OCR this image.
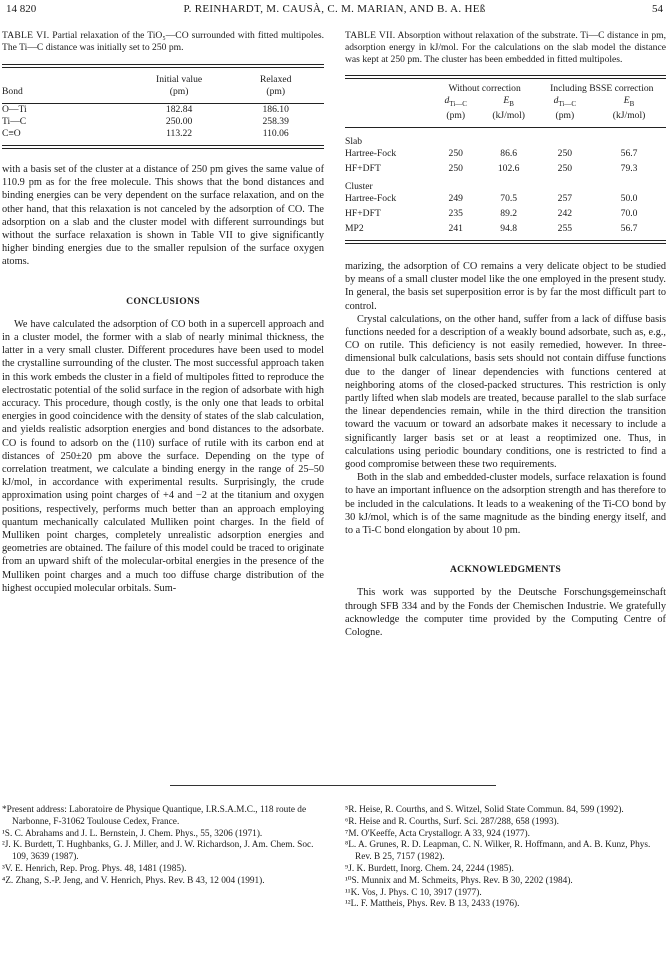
14 820	P. REINHARDT, M. CAUSÀ, C. M. MARIAN, AND B. A. HEß	54
TABLE VI. Partial relaxation of the TiO₅—CO surrounded with fitted multipoles. The Ti—C distance was initially set to 250 pm.
	Initial value	Relaxed
Bond	(pm)	(pm)

O—Ti	182.84	186.10
Ti—C	250.00	258.39
C≡O	113.22	110.06

with a basis set of the cluster at a distance of 250 pm gives the same value of 110.9 pm as for the free molecule. This shows that the bond distances and binding energies can be very dependent on the surface relaxation, and on the other hand, that this relaxation is not canceled by the adsorption of CO. The adsorption on a slab and the cluster model with different surroundings but without the surface relaxation is shown in Table VII to give significantly higher binding energies due to the smaller repulsion of the surface oxygen atoms.

CONCLUSIONS

We have calculated the adsorption of CO both in a supercell approach and in a cluster model, the former with a slab of nearly minimal thickness, the latter in a very small cluster. Different procedures have been used to model the crystalline surrounding of the cluster. The most successful approach taken in this work embeds the cluster in a field of multipoles fitted to reproduce the electrostatic potential of the solid surface in the region of adsorbate with high accuracy. This procedure, though costly, is the only one that leads to orbital energies in good coincidence with the density of states of the slab calculation, and yields realistic adsorption energies and bond distances to the adsorbate. CO is found to adsorb on the (110) surface of rutile with its carbon end at distances of 250±20 pm above the surface. Depending on the type of correlation treatment, we calculate a binding energy in the range of 25–50 kJ/mol, in accordance with experimental results. Surprisingly, the crude approximation using point charges of +4 and −2 at the titanium and oxygen positions, respectively, performs much better than an approach employing quantum mechanically calculated Mulliken point charges. In the field of Mulliken point charges, completely unrealistic adsorption energies and geometries are obtained. The failure of this model could be traced to originate from an upward shift of the molecular-orbital energies in the presence of the Mulliken point charges and a much too diffuse charge distribution of the highest occupied molecular orbitals. Sum-

TABLE VII. Absorption without relaxation of the substrate. Ti—C distance in pm, adsorption energy in kJ/mol. For the calculations on the slab model the distance was kept at 250 pm. The cluster has been embedded in fitted multipoles.
	Without correction		Including BSSE correction	
	$d_{Ti—C}$	$E_B$	$d_{Ti—C}$	$E_B$
	(pm)	(kJ/mol)	(pm)	(kJ/mol)

Slab				
Hartree-Fock	250	86.6	250	56.7
HF+DFT	250	102.6	250	79.3
Cluster				
Hartree-Fock	249	70.5	257	50.0
HF+DFT	235	89.2	242	70.0
MP2	241	94.8	255	56.7

marizing, the adsorption of CO remains a very delicate object to be studied by means of a small cluster model like the one employed in the present study. In general, the basis set superposition error is by far the most difficult part to control.

Crystal calculations, on the other hand, suffer from a lack of diffuse basis functions needed for a description of a weakly bound adsorbate, such as, e.g., CO on rutile. This deficiency is not easily remedied, however. In three-dimensional bulk calculations, basis sets should not contain diffuse functions due to the danger of linear dependencies with functions centered at neighboring atoms of the closed-packed structures. This restriction is only partly lifted when slab models are treated, because parallel to the slab surface the linear dependencies remain, while in the third direction the transition toward the vacuum or toward an adsorbate makes it necessary to include a significantly larger basis set or at least a reoptimized one. Thus, in calculations using periodic boundary conditions, one is restricted to find a good compromise between these two requirements.

Both in the slab and embedded-cluster models, surface relaxation is found to have an important influence on the adsorption strength and has therefore to be included in the calculations. It leads to a weakening of the Ti-CO bond by 30 kJ/mol, which is of the same magnitude as the binding energy itself, and to a Ti-C bond elongation by about 10 pm.

ACKNOWLEDGMENTS

This work was supported by the Deutsche Forschungsgemeinschaft through SFB 334 and by the Fonds der Chemischen Industrie. We gratefully acknowledge the computer time provided by the Computing Centre of Cologne.

*Present address: Laboratoire de Physique Quantique, I.R.S.A.M.C., 118 route de Narbonne, F-31062 Toulouse Cedex, France.
¹S. C. Abrahams and J. L. Bernstein, J. Chem. Phys., 55, 3206 (1971).
²J. K. Burdett, T. Hughbanks, G. J. Miller, and J. W. Richardson, J. Am. Chem. Soc. 109, 3639 (1987).
³V. E. Henrich, Rep. Prog. Phys. 48, 1481 (1985).
⁴Z. Zhang, S.-P. Jeng, and V. Henrich, Phys. Rev. B 43, 12 004 (1991).
⁵R. Heise, R. Courths, and S. Witzel, Solid State Commun. 84, 599 (1992).
⁶R. Heise and R. Courths, Surf. Sci. 287/288, 658 (1993).
⁷M. O'Keeffe, Acta Crystallogr. A 33, 924 (1977).
⁸L. A. Grunes, R. D. Leapman, C. N. Wilker, R. Hoffmann, and A. B. Kunz, Phys. Rev. B 25, 7157 (1982).
⁹J. K. Burdett, Inorg. Chem. 24, 2244 (1985).
¹⁰S. Munnix and M. Schmeits, Phys. Rev. B 30, 2202 (1984).
¹¹K. Vos, J. Phys. C 10, 3917 (1977).
¹²L. F. Mattheis, Phys. Rev. B 13, 2433 (1976).
